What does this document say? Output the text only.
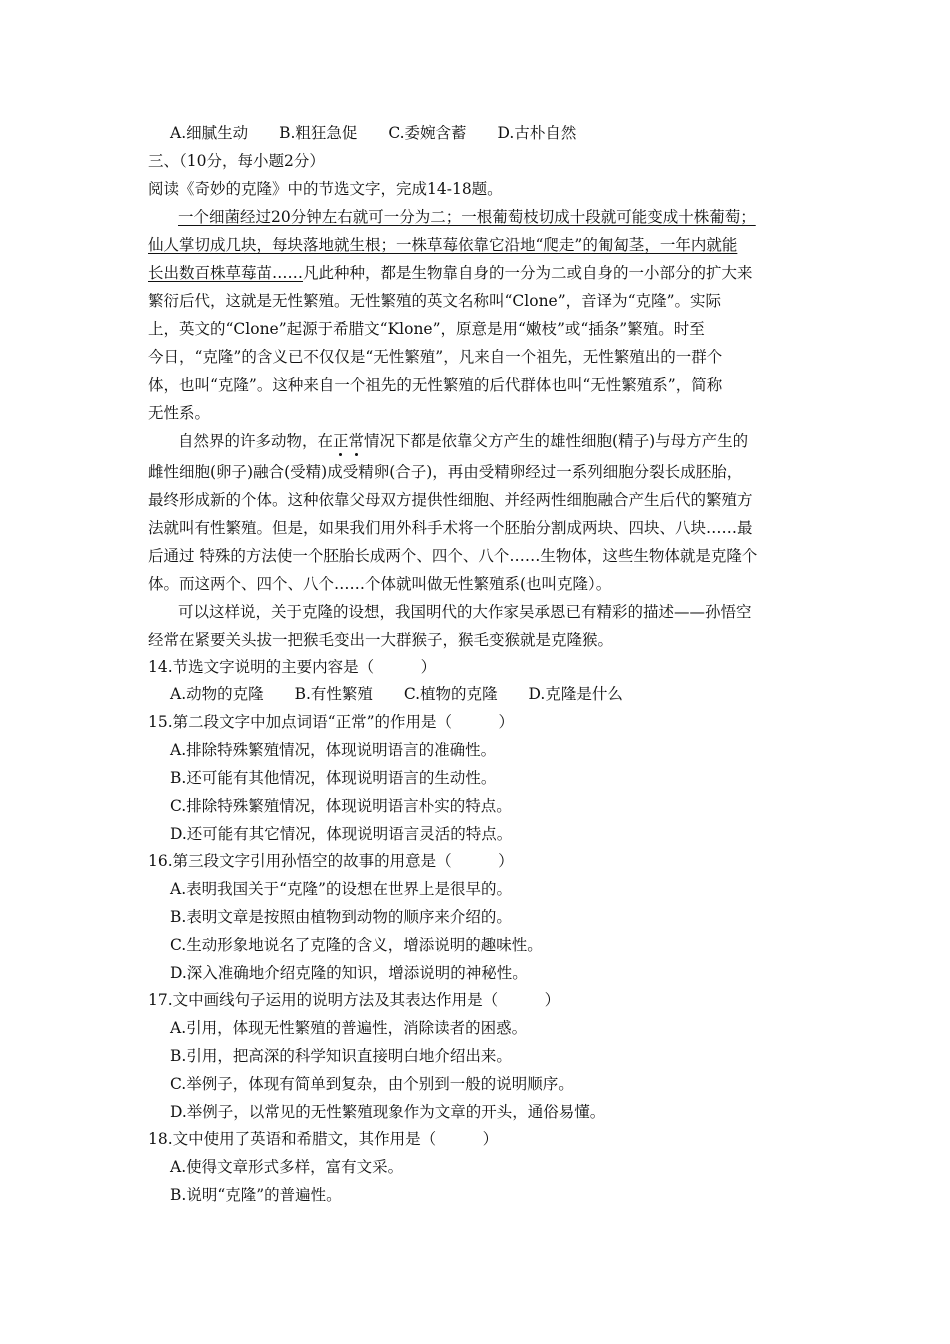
A.细腻生动 B.粗狂急促 C.委婉含蓄 D.古朴自然
三、（10分，每小题2分）
阅读《奇妙的克隆》中的节选文字，完成14-18题。
一个细菌经过20分钟左右就可一分为二；一根葡萄枝切成十段就可能变成十株葡萄；
仙人掌切成几块，每块落地就生根；一株草莓依靠它沿地“爬走”的匍匐茎，一年内就能
长出数百株草莓苗……凡此种种，都是生物靠自身的一分为二或自身的一小部分的扩大来
繁衍后代，这就是无性繁殖。无性繁殖的英文名称叫“Clone”，音译为“克隆”。实际
上，英文的“Clone”起源于希腊文“Klone”，原意是用“嫩枝”或“插条”繁殖。时至
今日，“克隆”的含义已不仅仅是“无性繁殖”，凡来自一个祖先，无性繁殖出的一群个
体，也叫“克隆”。这种来自一个祖先的无性繁殖的后代群体也叫“无性繁殖系”，简称
无性系。
自然界的许多动物，在正常情况下都是依靠父方产生的雄性细胞(精子)与母方产生的
雌性细胞(卵子)融合(受精)成受精卵(合子)，再由受精卵经过一系列细胞分裂长成胚胎，
最终形成新的个体。这种依靠父母双方提供性细胞、并经两性细胞融合产生后代的繁殖方
法就叫有性繁殖。但是，如果我们用外科手术将一个胚胎分割成两块、四块、八块……最
后通过 特殊的方法使一个胚胎长成两个、四个、八个……生物体，这些生物体就是克隆个
体。而这两个、四个、八个……个体就叫做无性繁殖系(也叫克隆）。
可以这样说，关于克隆的设想，我国明代的大作家吴承恩已有精彩的描述——孙悟空
经常在紧要关头拔一把猴毛变出一大群猴子，猴毛变猴就是克隆猴。
14.节选文字说明的主要内容是（　　　）
A.动物的克隆 B.有性繁殖 C.植物的克隆 D.克隆是什么
15.第二段文字中加点词语“正常”的作用是（　　　）
A.排除特殊繁殖情况，体现说明语言的准确性。
B.还可能有其他情况，体现说明语言的生动性。
C.排除特殊繁殖情况，体现说明语言朴实的特点。
D.还可能有其它情况，体现说明语言灵活的特点。
16.第三段文字引用孙悟空的故事的用意是（　　　）
A.表明我国关于“克隆”的设想在世界上是很早的。
B.表明文章是按照由植物到动物的顺序来介绍的。
C.生动形象地说名了克隆的含义，增添说明的趣味性。
D.深入准确地介绍克隆的知识，增添说明的神秘性。
17.文中画线句子运用的说明方法及其表达作用是（　　　）
A.引用，体现无性繁殖的普遍性，消除读者的困惑。
B.引用，把高深的科学知识直接明白地介绍出来。
C.举例子，体现有简单到复杂，由个别到一般的说明顺序。
D.举例子，以常见的无性繁殖现象作为文章的开头，通俗易懂。
18.文中使用了英语和希腊文，其作用是（　　　）
A.使得文章形式多样，富有文采。
B.说明“克隆”的普遍性。
